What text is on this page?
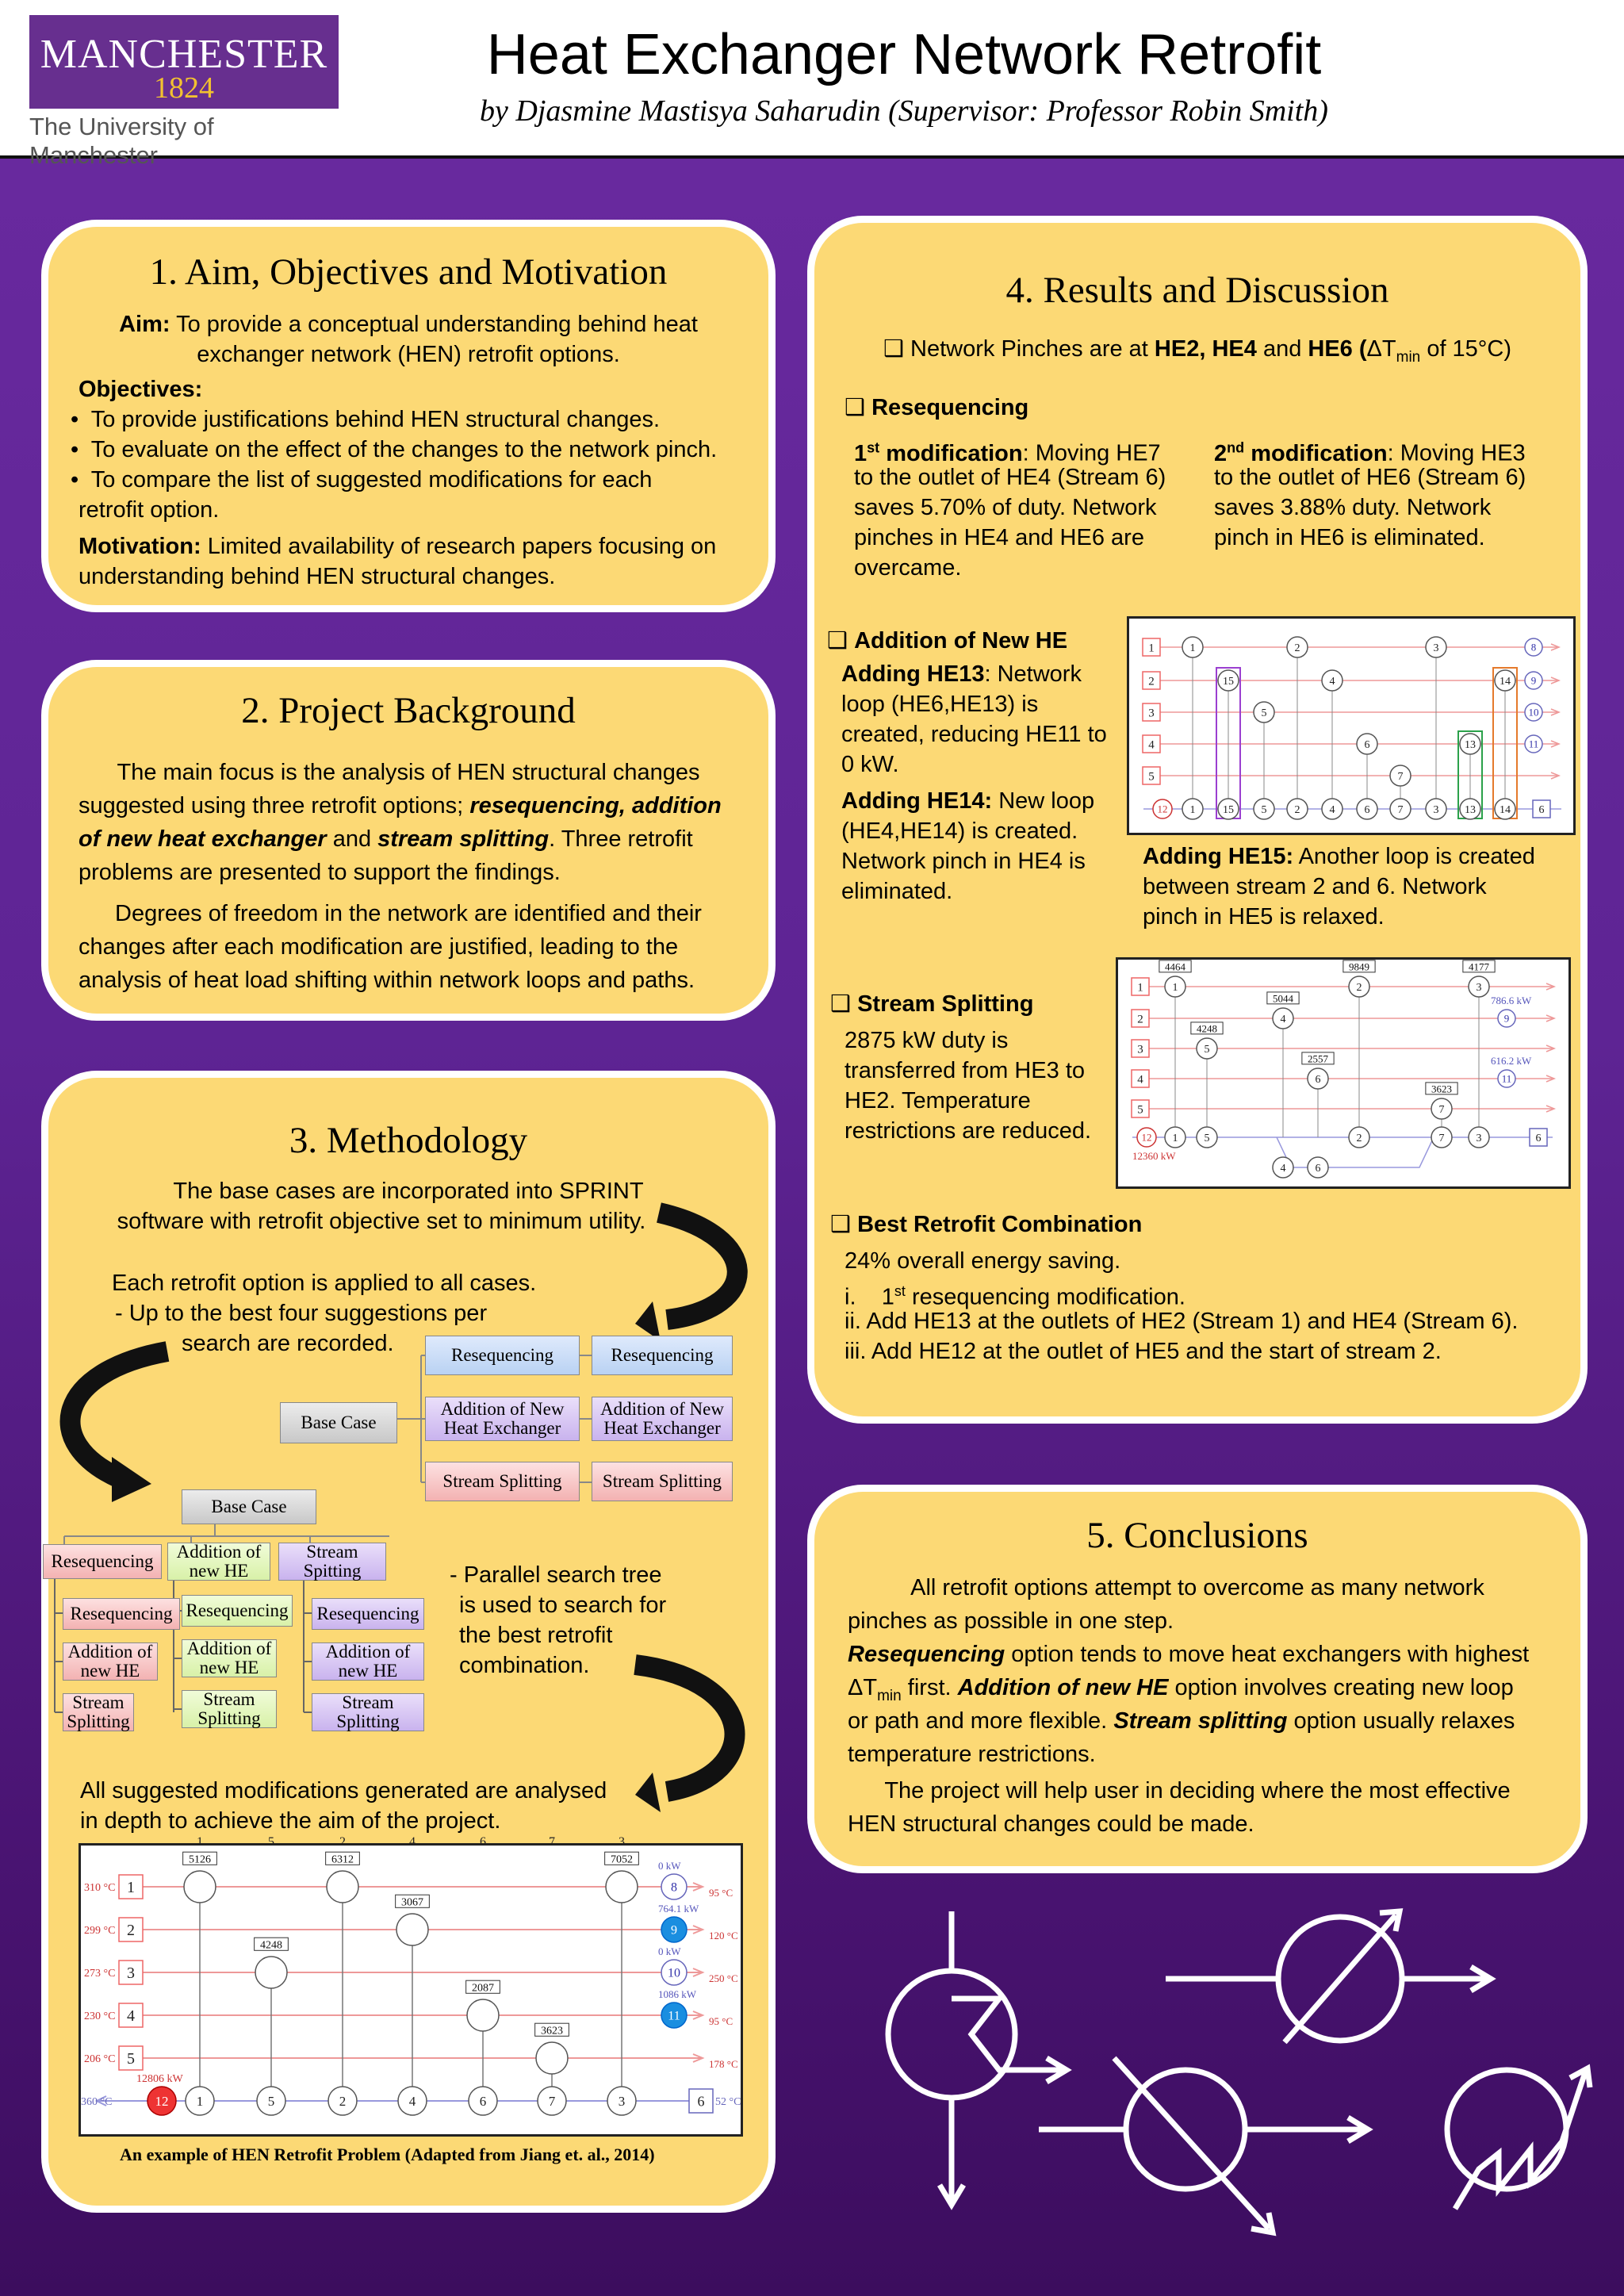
MANCHESTER
1824
The University of Manchester
Heat Exchanger Network Retrofit
by Djasmine Mastisya Saharudin (Supervisor: Professor Robin Smith)
1. Aim, Objectives and Motivation
Aim: To provide a conceptual understanding behind heat
exchanger network (HEN) retrofit options.
Objectives:
•  To provide justifications behind HEN structural changes.
•  To evaluate on the effect of the changes to the network pinch.
•  To compare the list of suggested modifications for each
retrofit option.
Motivation: Limited availability of research papers focusing on
understanding behind HEN structural changes.
2. Project Background
The main focus is the analysis of HEN structural changes
suggested using three retrofit options; resequencing, addition
of new heat exchanger and stream splitting. Three retrofit
problems are presented to support the findings.
Degrees of freedom in the network are identified and their
changes after each modification are justified, leading to the
analysis of heat load shifting within network loops and paths.
3. Methodology
The base cases are incorporated into SPRINT
software with retrofit objective set to minimum utility.
Each retrofit option is applied to all cases.
- Up to the best four suggestions per
search are recorded.
Base Case
Resequencing	Resequencing
Addition of New Heat Exchanger
Addition of New Heat Exchanger
Stream Splitting	Stream Splitting
Base Case
Resequencing	Addition of new HE
Stream Spitting
Resequencing
Addition of new HE
Stream Splitting
Resequencing
Addition of new HE
Stream Splitting
Resequencing
Addition of new HE
Stream Splitting
- Parallel search tree
is used to search for
the best retrofit
combination.
All suggested modifications generated are analysed
in depth to achieve the aim of the project.
1
310 °C	95 °C
2
299 °C	120 °C
3
273 °C	250 °C
4
230 °C	95 °C
5
206 °C	178 °C
360 °C	52 °C
1
5126
5
4248
2
6312
4
3067
6
2087
7
3623
3
7052
12
12806 kW
1	5	2	4	6	7	3	6
8
0 kW
9
764.1 kW
10
0 kW
11
1086 kW
An example of HEN Retrofit Problem (Adapted from Jiang et. al., 2014)
4. Results and Discussion
❑ Network Pinches are at HE2, HE4 and HE6 ($\Delta T_{min}$ of 15°C)
❑ Resequencing
1st modification: Moving HE7
to the outlet of HE4 (Stream 6)
saves 5.70% of duty. Network
pinches in HE4 and HE6 are
overcame.
2nd modification: Moving HE3
to the outlet of HE6 (Stream 6)
saves 3.88% duty. Network
pinch in HE6 is eliminated.
❑ Addition of New HE
Adding HE13: Network
loop (HE6,HE13) is
created, reducing HE11 to
0 kW.
Adding HE14: New loop
(HE4,HE14) is created.
Network pinch in HE4 is
eliminated.
1
2
3
4
5
1	2	3
4
5
6
7
13
14
15
12 1 15 5	2	4	6	7	3 13 14	6
8
9
10
11
Adding HE15: Another loop is created
between stream 2 and 6. Network
pinch in HE5 is relaxed.
❑ Stream Splitting
2875 kW duty is
transferred from HE3 to
HE2. Temperature
restrictions are reduced.
1
2
3
4
5
1
4464
2
9849
3
4177
4
5044
5
4248
6
2557
7
3623
9
11
786.6 kW
616.2 kW
12
12360 kW
1 5	2	7	3
4	6
6
❑ Best Retrofit Combination
24% overall energy saving.
i. 1st resequencing modification.
ii. Add HE13 at the outlets of HE2 (Stream 1) and HE4 (Stream 6).
iii. Add HE12 at the outlet of HE5 and the start of stream 2.
5. Conclusions
All retrofit options attempt to overcome as many network
pinches as possible in one step.
Resequencing option tends to move heat exchangers with highest
$\Delta T_{min}$ first. Addition of new HE option involves creating new loop
or path and more flexible. Stream splitting option usually relaxes
temperature restrictions.
The project will help user in deciding where the most effective
HEN structural changes could be made.
